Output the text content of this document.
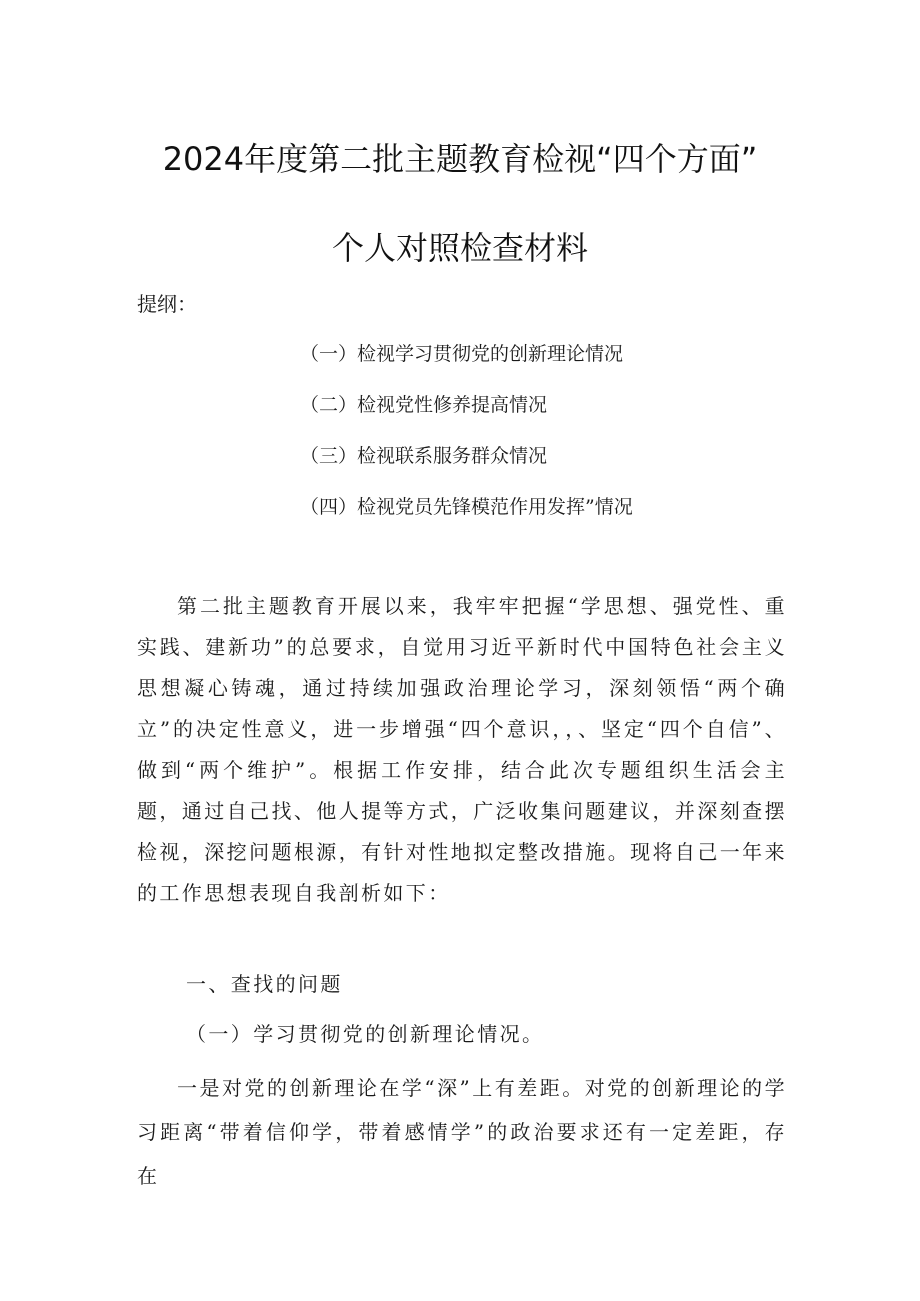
2024年度第二批主题教育检视“四个方面”
个人对照检查材料
提纲：
（一）检视学习贯彻党的创新理论情况
（二）检视党性修养提高情况
（三）检视联系服务群众情况
（四）检视党员先锋模范作用发挥”情况

第二批主题教育开展以来，我牢牢把握“学思想、强党性、重实践、建新功”的总要求，自觉用习近平新时代中国特色社会主义思想凝心铸魂，通过持续加强政治理论学习，深刻领悟“两个确立”的决定性意义，进一步增强“四个意识，，、坚定“四个自信”、做到“两个维护”。根据工作安排，结合此次专题组织生活会主题，通过自己找、他人提等方式，广泛收集问题建议，并深刻查摆检视，深挖问题根源，有针对性地拟定整改措施。现将自己一年来的工作思想表现自我剖析如下：

一、查找的问题
（一）学习贯彻党的创新理论情况。

一是对党的创新理论在学“深”上有差距。对党的创新理论的学习距离“带着信仰学，带着感情学”的政治要求还有一定差距，存在
